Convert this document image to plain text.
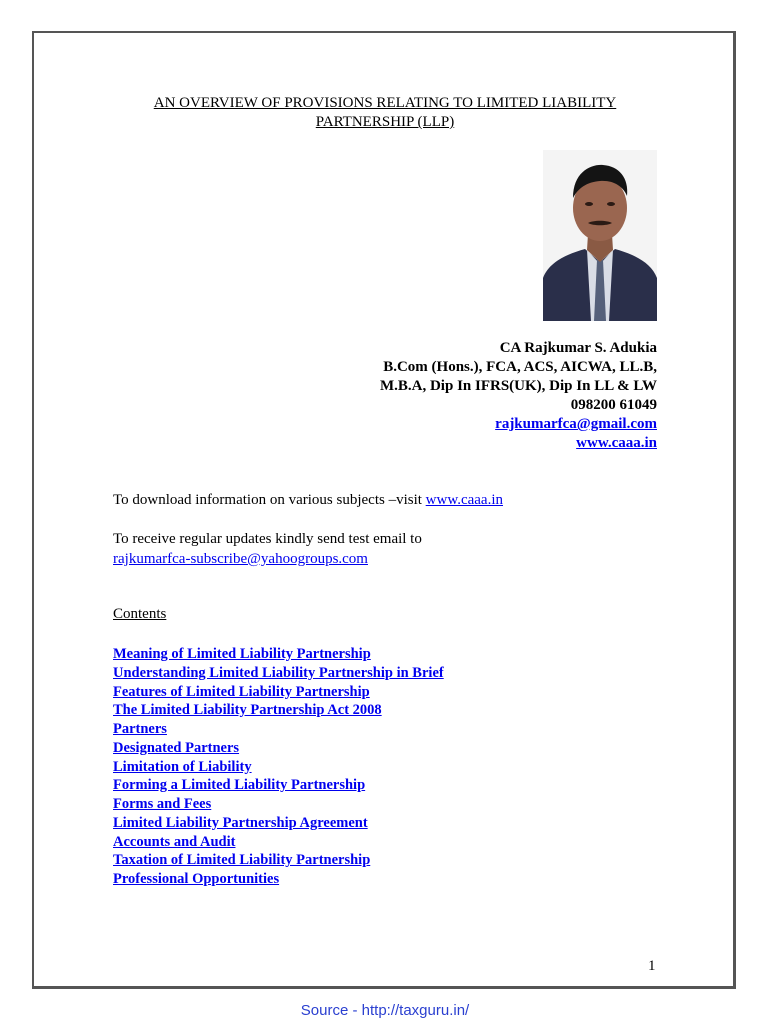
AN OVERVIEW OF PROVISIONS RELATING TO LIMITED LIABILITY
PARTNERSHIP (LLP)
CA Rajkumar S. Adukia
B.Com (Hons.), FCA, ACS, AICWA, LL.B,
M.B.A, Dip In IFRS(UK), Dip In LL & LW
098200 61049
rajkumarfca@gmail.com
www.caaa.in
To download information on various subjects –visit www.caaa.in
To receive regular updates kindly send test email to
rajkumarfca-subscribe@yahoogroups.com
Contents
Meaning of Limited Liability Partnership
Understanding Limited Liability Partnership in Brief
Features of Limited Liability Partnership
The Limited Liability Partnership Act 2008
Partners
Designated Partners
Limitation of Liability
Forming a Limited Liability Partnership
Forms and Fees
Limited Liability Partnership Agreement
Accounts and Audit
Taxation of Limited Liability Partnership
Professional Opportunities
1
Source - http://taxguru.in/
